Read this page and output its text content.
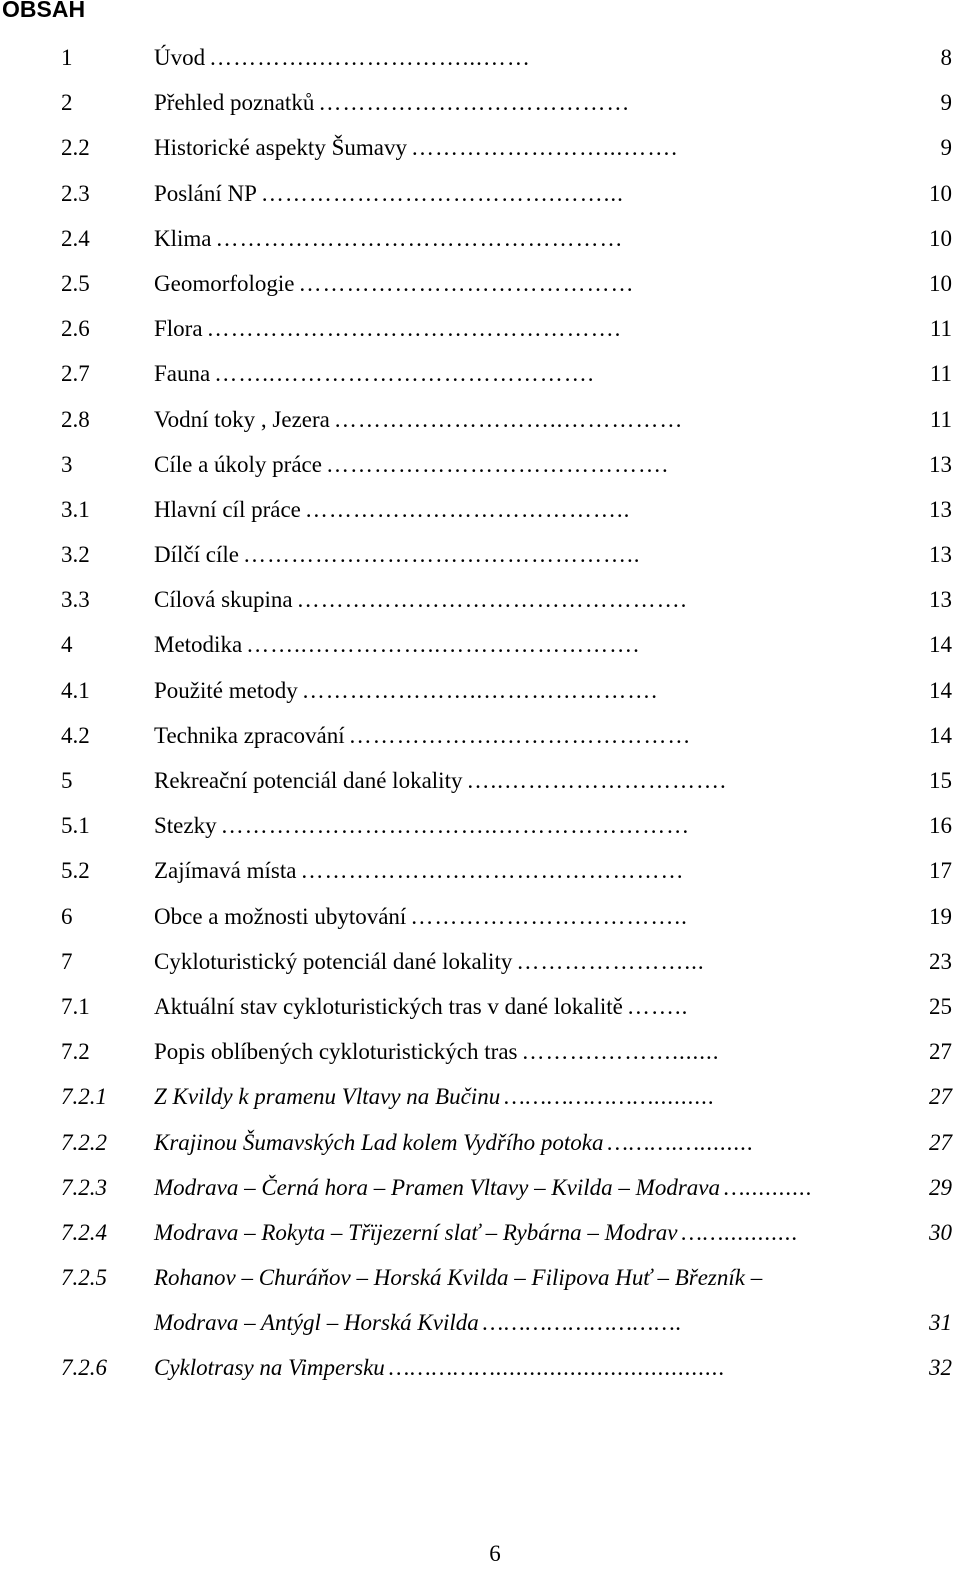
OBSAH
1	Úvod …………..………………...……	8
2	Přehled poznatků …………………………………	9
2.2	Historické aspekty Šumavy ……………………...…….	9
2.3	Poslání NP ……………………………….……...	10
2.4	Klima ……………………………………………	10
2.5	Geomorfologie ……………………………………	10
2.6	Flora …………………………………………….	11
2.7	Fauna ……..………………………………….	11
2.8	Vodní toky , Jezera ………………………..……………	11
3	Cíle a úkoly práce …………………………………….	13
3.1	Hlavní cíl práce …………………………………..	13
3.2	Dílčí cíle …………………………………………..	13
3.3	Cílová skupina ………………………………………….	13
4	Metodika ……..……………..…………………….	14
4.1	Použité metody …………………..………………….	14
4.2	Technika zpracování ……………….……………………	14
5	Rekreační potenciál dané lokality …..……………………….	15
5.1	Stezky ……………………………..……………………	16
5.2	Zajímavá místa …………………………………………	17
6	Obce a možnosti ubytování ……………………………..	19
7	Cykloturistický potenciál dané lokality …………………...	23
7.1	Aktuální stav cykloturistických tras v dané lokalitě ……..	25
7.2	Popis oblíbených cykloturistických tras ……….……….......	27
7.2.1 Z Kvildy k pramenu Vltavy na Bučinu ………………….........	27
7.2.2 Krajinou Šumavských Lad kolem Vydřího potoka ……….…........	27
7.2.3 Modrava – Černá hora – Pramen Vltavy – Kvilda – Modrava …..........	29
7.2.4 Modrava – Rokyta – Třïjezerní slať – Rybárna – Modrav ……...........	30
7.2.5 Rohanov – Churáňov – Horská Kvilda – Filipova Huť – Březník –
Modrava – Antýgl – Horská Kvilda ……………………….	31
7.2.6 Cyklotrasy na Vimpersku ……………..................................	32
6
